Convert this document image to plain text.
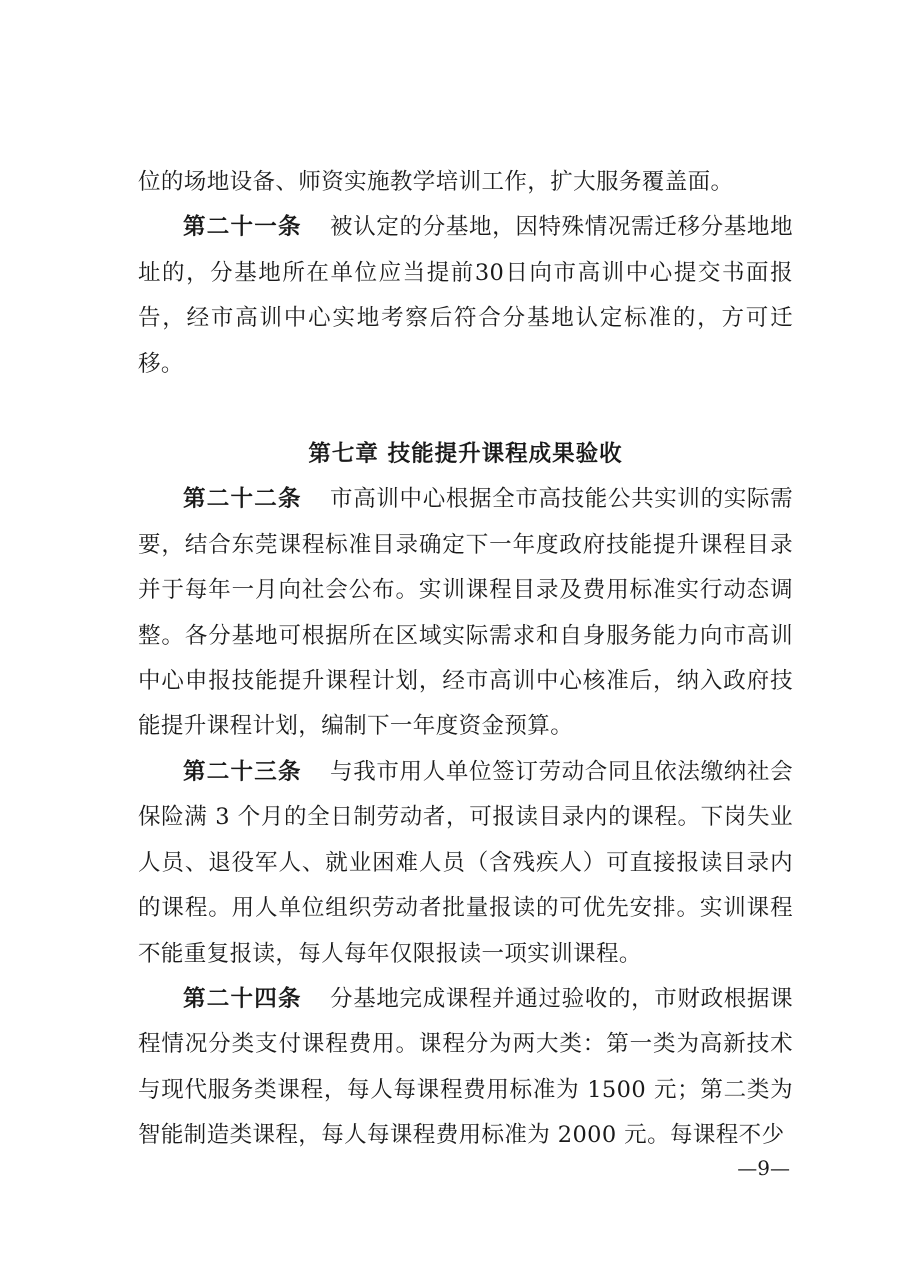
位的场地设备、师资实施教学培训工作，扩大服务覆盖面。

第二十一条 被认定的分基地，因特殊情况需迁移分基地地址的，分基地所在单位应当提前30日向市高训中心提交书面报告，经市高训中心实地考察后符合分基地认定标准的，方可迁移。

第七章 技能提升课程成果验收

第二十二条 市高训中心根据全市高技能公共实训的实际需要，结合东莞课程标准目录确定下一年度政府技能提升课程目录并于每年一月向社会公布。实训课程目录及费用标准实行动态调整。各分基地可根据所在区域实际需求和自身服务能力向市高训中心申报技能提升课程计划，经市高训中心核准后，纳入政府技能提升课程计划，编制下一年度资金预算。

第二十三条 与我市用人单位签订劳动合同且依法缴纳社会保险满 3 个月的全日制劳动者，可报读目录内的课程。下岗失业人员、退役军人、就业困难人员（含残疾人）可直接报读目录内的课程。用人单位组织劳动者批量报读的可优先安排。实训课程不能重复报读，每人每年仅限报读一项实训课程。

第二十四条 分基地完成课程并通过验收的，市财政根据课程情况分类支付课程费用。课程分为两大类：第一类为高新技术与现代服务类课程，每人每课程费用标准为 1500 元；第二类为智能制造类课程，每人每课程费用标准为 2000 元。每课程不少

—9—
